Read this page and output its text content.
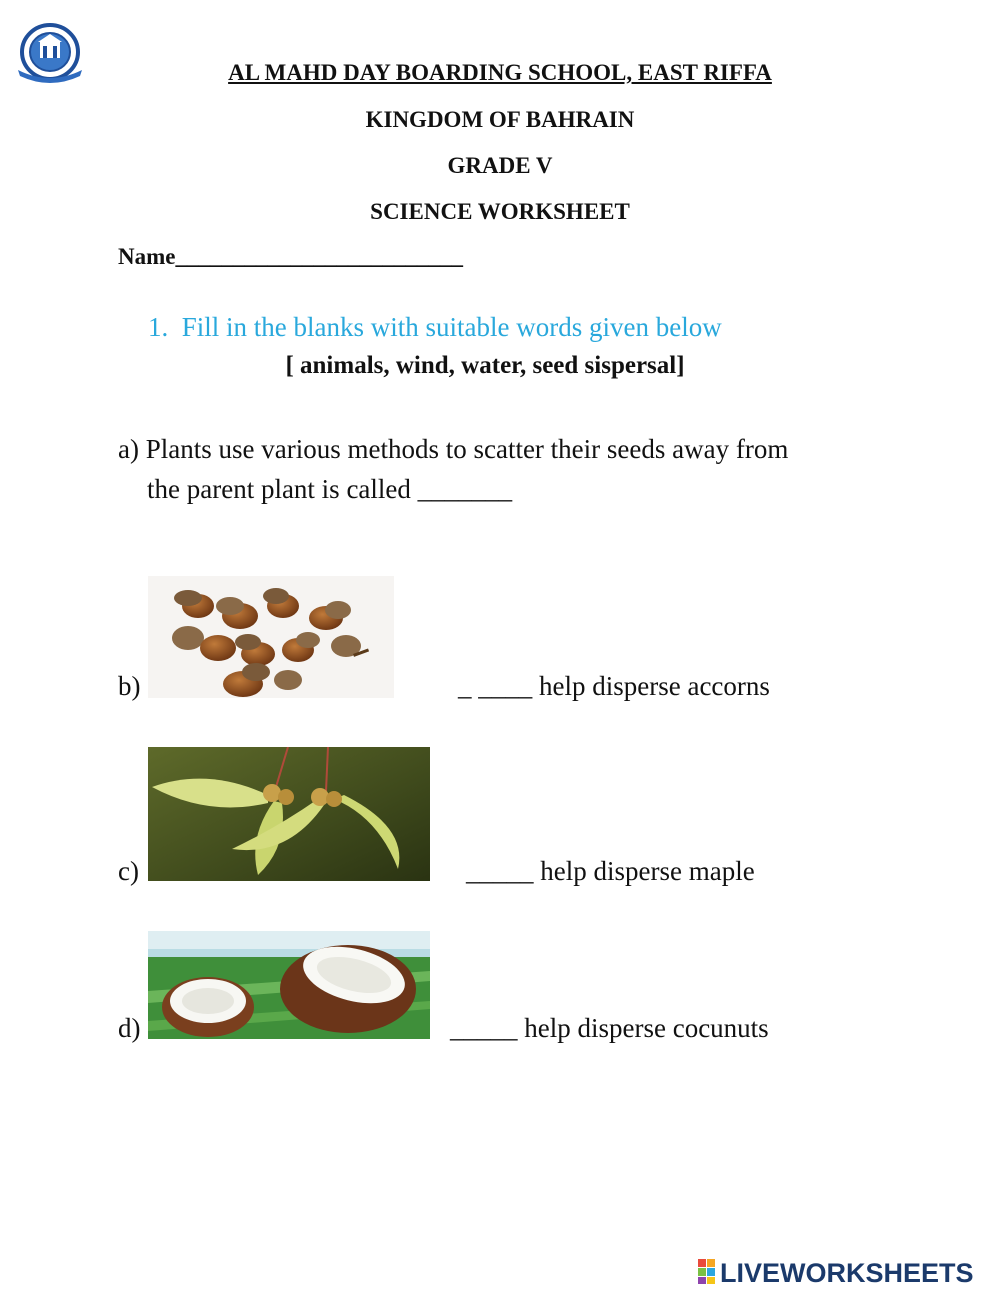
AL MAHD DAY BOARDING SCHOOL, EAST RIFFA
KINGDOM OF BAHRAIN
GRADE V
SCIENCE WORKSHEET
Name_________________________
1. Fill in the blanks with suitable words given below
[ animals, wind, water, seed sispersal]
a) Plants use various methods to scatter their seeds away from
the parent plant is called _______
b)	_ ____ help disperse accorns
c)	_____ help disperse maple
d)	_____ help disperse cocunuts
LIVEWORKSHEETS
